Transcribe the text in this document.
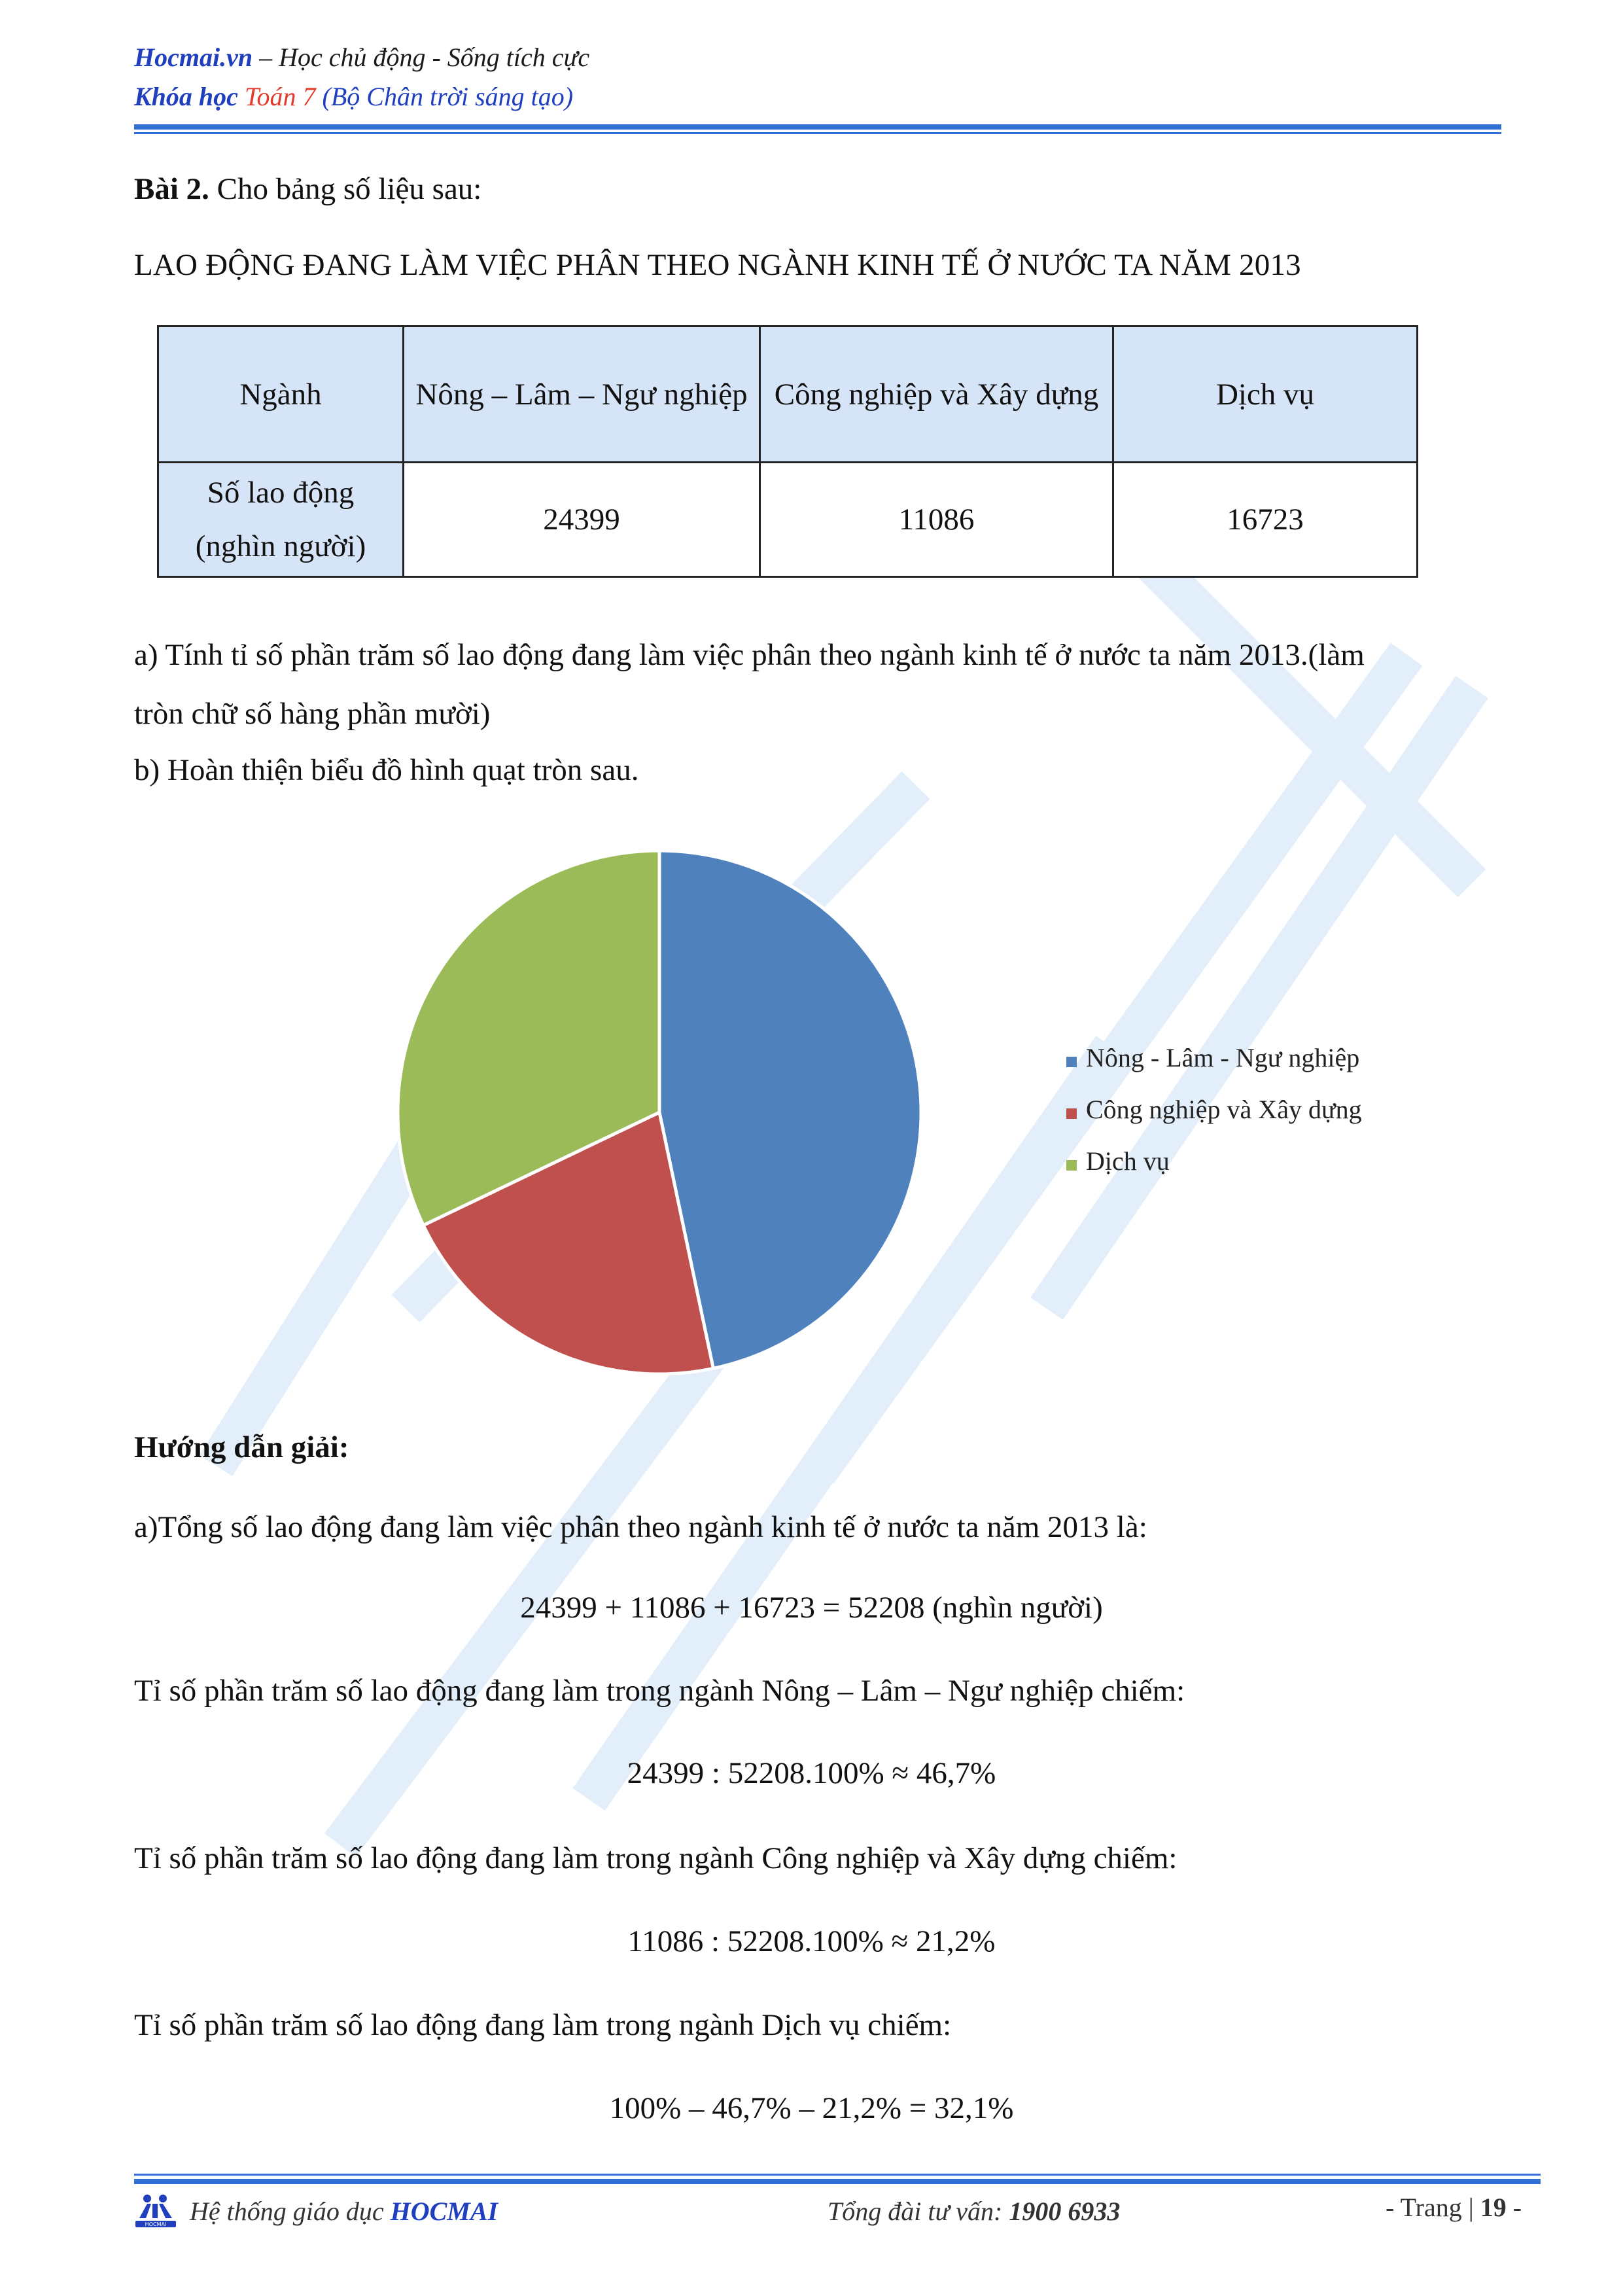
Hocmai.vn – Học chủ động - Sống tích cực
Khóa học Toán 7 (Bộ Chân trời sáng tạo)
Bài 2. Cho bảng số liệu sau:
LAO ĐỘNG ĐANG LÀM VIỆC PHÂN THEO NGÀNH KINH TẾ Ở NƯỚC TA NĂM 2013
Ngành	Nông – Lâm – Ngư nghiệp	Công nghiệp và Xây dựng	Dịch vụ
Số lao động (nghìn người)	24399	11086	16723
a) Tính tỉ số phần trăm số lao động đang làm việc phân theo ngành kinh tế ở nước ta năm 2013.(làm
tròn chữ số hàng phần mười)
b) Hoàn thiện biểu đồ hình quạt tròn sau.
Nông - Lâm - Ngư nghiệp
Công nghiệp và Xây dựng
Dịch vụ
Hướng dẫn giải:
a)Tổng số lao động đang làm việc phân theo ngành kinh tế ở nước ta năm 2013 là:
24399 + 11086 + 16723 = 52208 (nghìn người)
Tỉ số phần trăm số lao động đang làm trong ngành Nông – Lâm – Ngư nghiệp chiếm:
24399 : 52208.100% ≈ 46,7%
Tỉ số phần trăm số lao động đang làm trong ngành Công nghiệp và Xây dựng chiếm:
11086 : 52208.100% ≈ 21,2%
Tỉ số phần trăm số lao động đang làm trong ngành Dịch vụ chiếm:
100% – 46,7% – 21,2% = 32,1%
HOCMAI Hệ thống giáo dục HOCMAI	Tổng đài tư vấn: 1900 6933	- Trang | 19 -
